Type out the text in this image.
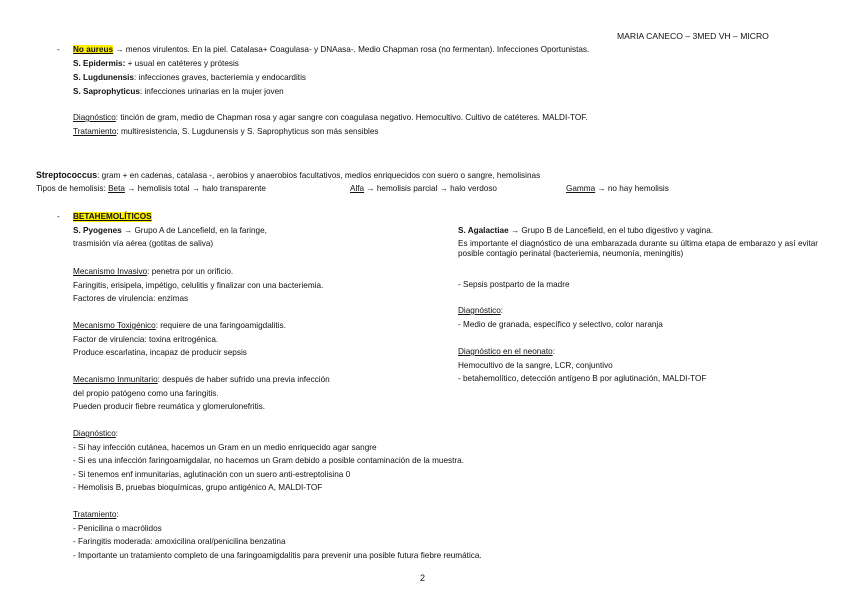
MARIA CANECO – 3MED VH – MICRO
- No aureus → menos virulentos. En la piel. Catalasa+ Coagulasa- y DNAasa-. Medio Chapman rosa (no fermentan). Infecciones Oportunistas.
S. Epidermis: + usual en catéteres y prótesis
S. Lugdunensis: infecciones graves, bacteriemia y endocarditis
S. Saprophyticus: infecciones urinarias en la mujer joven
Diagnóstico: tinción de gram, medio de Chapman rosa y agar sangre con coagulasa negativo. Hemocultivo. Cultivo de catéteres. MALDI-TOF.
Tratamiento: multiresistencia, S. Lugdunensis y S. Saprophyticus son más sensibles
Streptococcus: gram + en cadenas, catalasa -, aerobios y anaerobios facultativos, medios enriquecidos con suero o sangre, hemolisinas
Tipos de hemolisis: Beta → hemolisis total → halo transparente	Alfa → hemolisis parcial → halo verdoso	Gamma → no hay hemolisis
- BETAHEMOLÍTICOS
S. Pyogenes → Grupo A de Lancefield, en la faringe,
trasmisión vía aérea (gotitas de saliva)
Mecanismo Invasivo: penetra por un orificio.
Faringitis, erisipela, impétigo, celulitis y finalizar con una bacteriemia.
Factores de virulencia: enzimas
Mecanismo Toxigénico: requiere de una faringoamigdalitis.
Factor de virulencia: toxina eritrogénica.
Produce escarlatina, incapaz de producir sepsis
Mecanismo Inmunitario: después de haber sufrido una previa infección
del propio patógeno como una faringitis.
Pueden producir fiebre reumática y glomerulonefritis.
S. Agalactiae → Grupo B de Lancefield, en el tubo digestivo y vagina.
Es importante el diagnóstico de una embarazada durante su última etapa de embarazo y así evitar posible contagio perinatal (bacteriemia, neumonía, meningitis)
- Sepsis postparto de la madre
Diagnóstico:
- Medio de granada, específico y selectivo, color naranja
Diagnóstico en el neonato:
Hemocultivo de la sangre, LCR, conjuntivo
- betahemolítico, detección antígeno B por aglutinación, MALDI-TOF
Diagnóstico:
- Si hay infección cutánea, hacemos un Gram en un medio enriquecido agar sangre
- Si es una infección faringoamigdalar, no hacemos un Gram debido a posible contaminación de la muestra.
- Si tenemos enf inmunitarias, aglutinación con un suero anti-estreptolisina 0
- Hemolisis B, pruebas bioquímicas, grupo antigénico A, MALDI-TOF
Tratamiento:
- Penicilina o macrólidos
- Faringitis moderada: amoxicilina oral/penicilina benzatina
- Importante un tratamiento completo de una faringoamigdalitis para prevenir una posible futura fiebre reumática.
2
